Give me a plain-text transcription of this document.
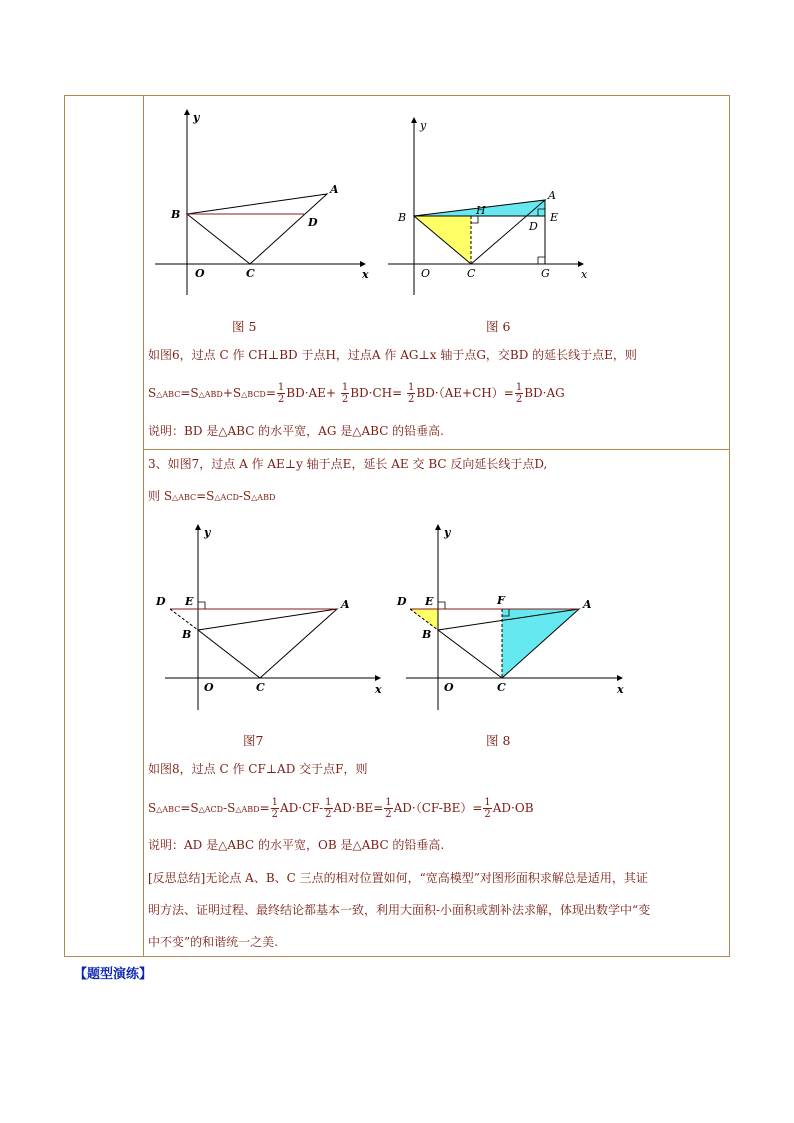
y
x
O
A
B
C
D
y
x
O
A
B
C
D
E
G
H
图 5	图 6
如图6，过点 C 作 CH⊥BD 于点H，过点A 作 AG⊥x 轴于点G，交BD 的延长线于点E，则
S△ABC=S△ABD+S△BCD= $\frac{1}{2} BD\cdot AE+ \frac{1}{2} BD\cdot CH= \frac{1}{2} BD\cdot(AE+CH)= \frac{1}{2} BD\cdot AG$
说明：BD 是△ABC 的水平宽，AG 是△ABC 的铅垂高.
3、如图7，过点 A 作 AE⊥y 轴于点E，延长 AE 交 BC 反向延长线于点D,
则 S△ABC=S△ACD-S△ABD
y
x
O
A
B
C
D E
y
x
O
A
B
C
D E	F
图7	图 8
如图8，过点 C 作 CF⊥AD 交于点F，则
S△ABC=S△ACD-S△ABD= $\frac{1}{2} AD\cdot CF- \frac{1}{2} AD\cdot BE= \frac{1}{2} AD\cdot(CF-BE)= \frac{1}{2} AD\cdot OB$
说明：AD 是△ABC 的水平宽，OB 是△ABC 的铅垂高.
[反思总结]无论点 A、B、C 三点的相对位置如何，“宽高模型”对图形面积求解总是适用，其证
明方法、证明过程、最终结论都基本一致，利用大面积-小面积或割补法求解，体现出数学中“变
中不变”的和谐统一之美.
【题型演练】
